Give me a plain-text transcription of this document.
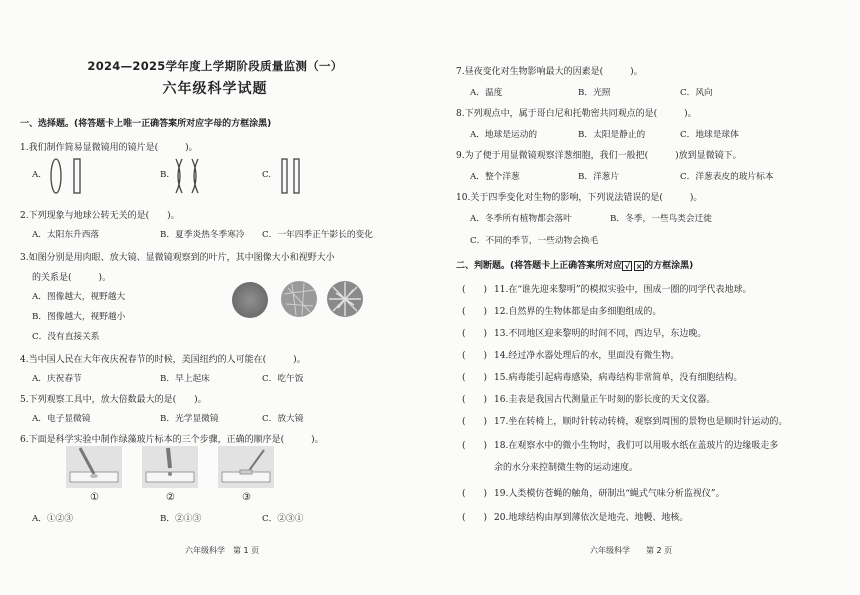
2024—2025学年度上学期阶段质量监测（一）
六年级科学试题
一、选择题。(将答题卡上唯一正确答案所对应字母的方框涂黑)
1.我们制作简易显微镜用的镜片是(　　　)。
A.	B.	C.
2.下列现象与地球公转无关的是(　　)。
A．太阳东升西落	B．夏季炎热冬季寒冷 C．一年四季正午影长的变化
3.如图分别是用肉眼、放大镜、显微镜观察到的叶片，其中图像大小和视野大小
的关系是(　　　)。
A．图像越大，视野越大
B．图像越大，视野越小
C．没有直接关系
4.当中国人民在大年夜庆祝春节的时候，美国纽约的人可能在(　　　)。
A．庆祝春节	B．早上起床	C．吃午饭
5.下列观察工具中，放大倍数最大的是(　　)。
A．电子显微镜	B．光学显微镜	C．放大镜
6.下面是科学实验中制作绿藻玻片标本的三个步骤，正确的顺序是(　　　)。
①	②	③
A．①②③	B．②①③	C．②③①
六年级科学　第 1 页
7.昼夜变化对生物影响最大的因素是(　　　)。
A．温度	B．光照	C．风向
8.下列观点中，属于哥白尼和托勒密共同观点的是(　　　)。
A．地球是运动的	B．太阳是静止的	C．地球是球体
9.为了便于用显微镜观察洋葱细胞，我们一般把(　　　)放到显微镜下。
A．整个洋葱	B．洋葱片	C．洋葱表皮的玻片标本
10.关于四季变化对生物的影响，下列说法错误的是(　　　)。
A．冬季所有植物都会落叶	B．冬季，一些鸟类会迁徙
C．不同的季节，一些动物会换毛
二、判断题。(将答题卡上正确答案所对应 √ × 的方框涂黑)
(　　) 11.在“谁先迎来黎明”的模拟实验中，围成一圈的同学代表地球。
(　　) 12.自然界的生物体都是由多细胞组成的。
(　　) 13.不同地区迎来黎明的时间不同，西边早，东边晚。
(　　) 14.经过净水器处理后的水，里面没有微生物。
(　　) 15.病毒能引起病毒感染，病毒结构非常简单，没有细胞结构。
(　　) 16.圭表是我国古代测量正午时刻的影长度的天文仪器。
(　　) 17.坐在转椅上，顺时针转动转椅，观察到周围的景物也是顺时针运动的。
(　　) 18.在观察水中的微小生物时，我们可以用吸水纸在盖玻片的边缘吸走多
余的水分来控制微生物的运动速度。
(　　) 19.人类模仿苍蝇的触角，研制出“蝇式气味分析监视仪”。
(　　) 20.地球结构由厚到薄依次是地壳、地幔、地核。
六年级科学　　第 2 页
